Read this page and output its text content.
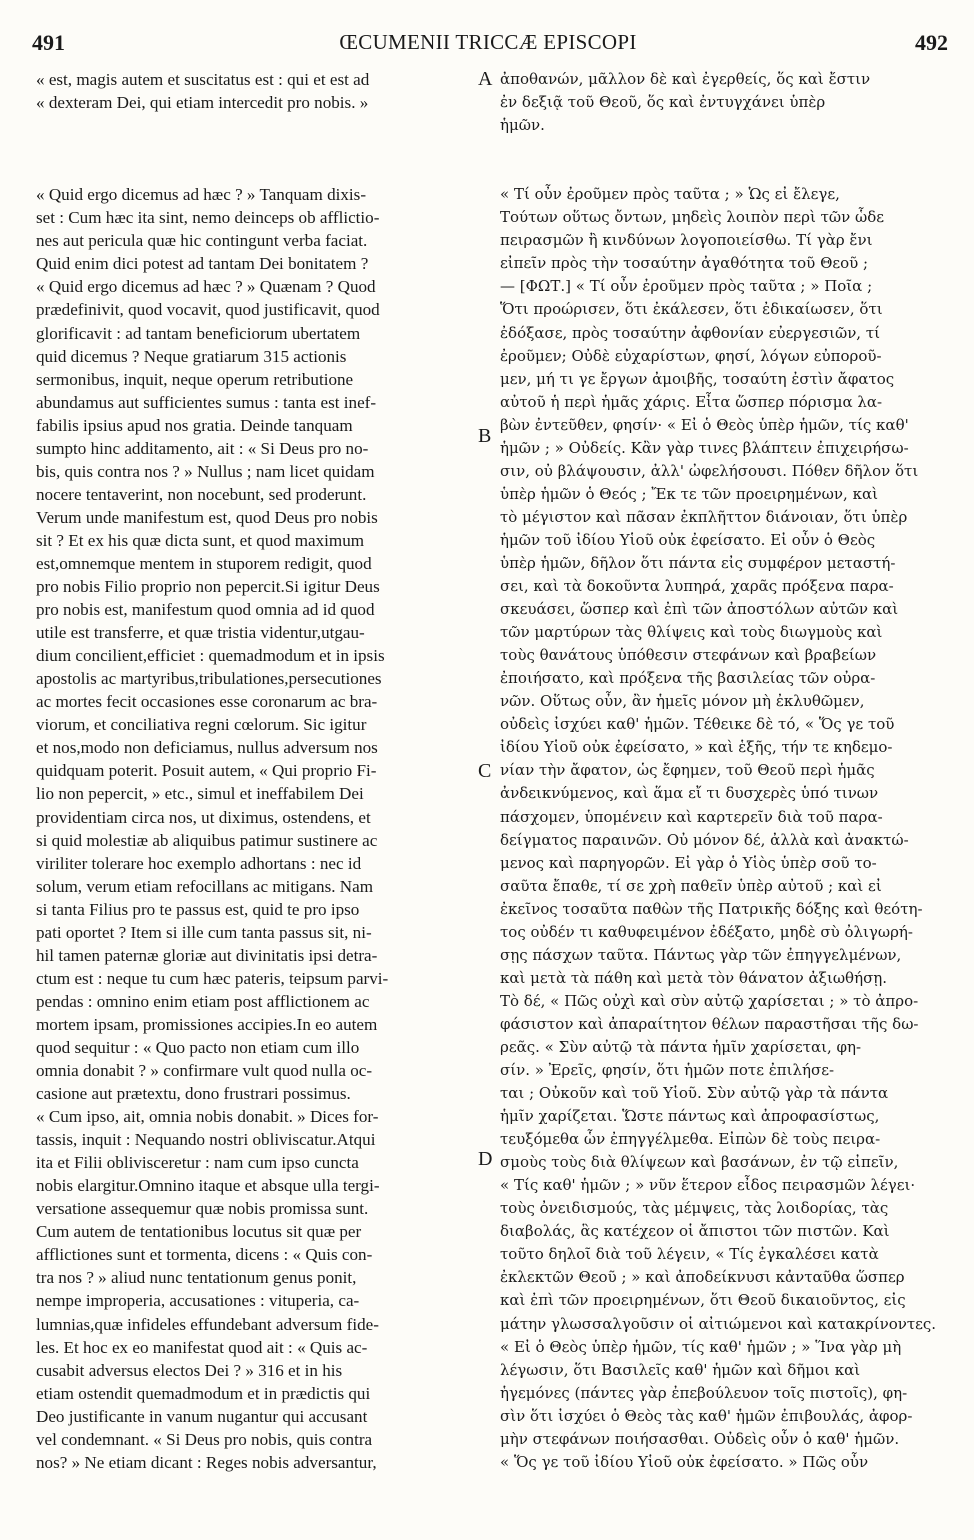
491	ŒCUMENII TRICCÆ EPISCOPI	492
A
B
C
D
« est, magis autem et suscitatus est : qui et est ad
« dexteram Dei, qui etiam intercedit pro nobis. »
« Quid ergo dicemus ad hæc ? » Tanquam dixis-
set : Cum hæc ita sint, nemo deinceps ob afflictio-
nes aut pericula quæ hic contingunt verba faciat.
Quid enim dici potest ad tantam Dei bonitatem ?
« Quid ergo dicemus ad hæc ? » Quænam ? Quod
prædefinivit, quod vocavit, quod justificavit, quod
glorificavit : ad tantam beneficiorum ubertatem
quid dicemus ? Neque gratiarum 315 actionis
sermonibus, inquit, neque operum retributione
abundamus aut sufficientes sumus : tanta est inef-
fabilis ipsius apud nos gratia. Deinde tanquam
sumpto hinc additamento, ait : « Si Deus pro no-
bis, quis contra nos ? » Nullus ; nam licet quidam
nocere tentaverint, non nocebunt, sed proderunt.
Verum unde manifestum est, quod Deus pro nobis
sit ? Et ex his quæ dicta sunt, et quod maximum
est,omnemque mentem in stuporem redigit, quod
pro nobis Filio proprio non pepercit.Si igitur Deus
pro nobis est, manifestum quod omnia ad id quod
utile est transferre, et quæ tristia videntur,utgau-
dium concilient,efficiet : quemadmodum et in ipsis
apostolis ac martyribus,tribulationes,persecutiones
ac mortes fecit occasiones esse coronarum ac bra-
viorum, et conciliativa regni cœlorum. Sic igitur
et nos,modo non deficiamus, nullus adversum nos
quidquam poterit. Posuit autem, « Qui proprio Fi-
lio non pepercit, » etc., simul et ineffabilem Dei
providentiam circa nos, ut diximus, ostendens, et
si quid molestiæ ab aliquibus patimur sustinere ac
viriliter tolerare hoc exemplo adhortans : nec id
solum, verum etiam refocillans ac mitigans. Nam
si tanta Filius pro te passus est, quid te pro ipso
pati oportet ? Item si ille cum tanta passus sit, ni-
hil tamen paternæ gloriæ aut divinitatis ipsi detra-
ctum est : neque tu cum hæc pateris, teipsum parvi-
pendas : omnino enim etiam post afflictionem ac
mortem ipsam, promissiones accipies.In eo autem
quod sequitur : « Quo pacto non etiam cum illo
omnia donabit ? » confirmare vult quod nulla oc-
casione aut prætextu, dono frustrari possimus.
« Cum ipso, ait, omnia nobis donabit. » Dices for-
tassis, inquit : Nequando nostri obliviscatur.Atqui
ita et Filii oblivisceretur : nam cum ipso cuncta
nobis elargitur.Omnino itaque et absque ulla tergi-
versatione assequemur quæ nobis promissa sunt.
Cum autem de tentationibus locutus sit quæ per
afflictiones sunt et tormenta, dicens : « Quis con-
tra nos ? » aliud nunc tentationum genus ponit,
nempe improperia, accusationes : vituperia, ca-
lumnias,quæ infideles effundebant adversum fide-
les. Et hoc ex eo manifestat quod ait : « Quis ac-
cusabit adversus electos Dei ? » 316 et in his
etiam ostendit quemadmodum et in prædictis qui
Deo justificante in vanum nugantur qui accusant
vel condemnant. « Si Deus pro nobis, quis contra
nos? » Ne etiam dicant : Reges nobis adversantur,
ἀποθανών, μᾶλλον δὲ καὶ ἐγερθείς, ὅς καὶ ἔστιν
ἐν δεξιᾷ τοῦ Θεοῦ, ὅς καὶ ἐντυγχάνει ὑπὲρ
ἡμῶν.
« Τί οὖν ἐροῦμεν πρὸς ταῦτα ; » Ὡς εἰ ἔλεγε,
Τούτων οὕτως ὄντων, μηδεὶς λοιπὸν περὶ τῶν ὧδε
πειρασμῶν ἢ κινδύνων λογοποιείσθω. Τί γὰρ ἔνι
εἰπεῖν πρὸς τὴν τοσαύτην ἀγαθότητα τοῦ Θεοῦ ;
— [ΦΩΤ.] « Τί οὖν ἐροῦμεν πρὸς ταῦτα ; » Ποῖα ;
Ὅτι προώρισεν, ὅτι ἐκάλεσεν, ὅτι ἐδικαίωσεν, ὅτι
ἐδόξασε, πρὸς τοσαύτην ἀφθονίαν εὐεργεσιῶν, τί
ἐροῦμεν; Οὐδὲ εὐχαρίστων, φησί, λόγων εὐποροῦ-
μεν, μή τι γε ἔργων ἀμοιβῆς, τοσαύτη ἐστὶν ἄφατος
αὐτοῦ ἡ περὶ ἡμᾶς χάρις. Εἶτα ὥσπερ πόρισμα λα-
βὼν ἐντεῦθεν, φησίν· « Εἰ ὁ Θεὸς ὑπὲρ ἡμῶν, τίς καθ'
ἡμῶν ; » Οὐδείς. Κἂν γὰρ τινες βλάπτειν ἐπιχειρήσω-
σιν, οὐ βλάψουσιν, ἀλλ' ὠφελήσουσι. Πόθεν δῆλον ὅτι
ὑπὲρ ἡμῶν ὁ Θεός ; Ἔκ τε τῶν προειρημένων, καὶ
τὸ μέγιστον καὶ πᾶσαν ἐκπλῆττον διάνοιαν, ὅτι ὑπὲρ
ἡμῶν τοῦ ἰδίου Υἱοῦ οὐκ ἐφείσατο. Εἰ οὖν ὁ Θεὸς
ὑπὲρ ἡμῶν, δῆλον ὅτι πάντα εἰς συμφέρον μεταστή-
σει, καὶ τὰ δοκοῦντα λυπηρά, χαρᾶς πρόξενα παρα-
σκευάσει, ὥσπερ καὶ ἐπὶ τῶν ἀποστόλων αὐτῶν καὶ
τῶν μαρτύρων τὰς θλίψεις καὶ τοὺς διωγμοὺς καὶ
τοὺς θανάτους ὑπόθεσιν στεφάνων καὶ βραβείων
ἐποιήσατο, καὶ πρόξενα τῆς βασιλείας τῶν οὐρα-
νῶν. Οὕτως οὖν, ἂν ἡμεῖς μόνον μὴ ἐκλυθῶμεν,
οὐδεὶς ἰσχύει καθ' ἡμῶν. Τέθεικε δὲ τό, « Ὅς γε τοῦ
ἰδίου Υἱοῦ οὐκ ἐφείσατο, » καὶ ἑξῆς, τήν τε κηδεμο-
νίαν τὴν ἄφατον, ὡς ἔφημεν, τοῦ Θεοῦ περὶ ἡμᾶς
ἀνδεικνύμενος, καὶ ἅμα εἴ τι δυσχερὲς ὑπό τινων
πάσχομεν, ὑπομένειν καὶ καρτερεῖν διὰ τοῦ παρα-
δείγματος παραινῶν. Οὐ μόνον δέ, ἀλλὰ καὶ ἀνακτώ-
μενος καὶ παρηγορῶν. Εἰ γὰρ ὁ Υἱὸς ὑπὲρ σοῦ το-
σαῦτα ἔπαθε, τί σε χρὴ παθεῖν ὑπὲρ αὐτοῦ ; καὶ εἰ
ἐκεῖνος τοσαῦτα παθὼν τῆς Πατρικῆς δόξης καὶ θεότη-
τος οὐδέν τι καθυφειμένον ἐδέξατο, μηδὲ σὺ ὀλιγωρή-
σῃς πάσχων ταῦτα. Πάντως γὰρ τῶν ἐπηγγελμένων,
καὶ μετὰ τὰ πάθη καὶ μετὰ τὸν θάνατον ἀξιωθήσῃ.
Τὸ δέ, « Πῶς οὐχὶ καὶ σὺν αὐτῷ χαρίσεται ; » τὸ ἀπρο-
φάσιστον καὶ ἀπαραίτητον θέλων παραστῆσαι τῆς δω-
ρεᾶς. « Σὺν αὐτῷ τὰ πάντα ἡμῖν χαρίσεται, φη-
σίν. » Ἐρεῖς, φησίν, ὅτι ἡμῶν ποτε ἐπιλήσε-
ται ; Οὐκοῦν καὶ τοῦ Υἱοῦ. Σὺν αὐτῷ γὰρ τὰ πάντα
ἡμῖν χαρίζεται. Ὥστε πάντως καὶ ἀπροφασίστως,
τευξόμεθα ὧν ἐπηγγέλμεθα. Εἰπὼν δὲ τοὺς πειρα-
σμοὺς τοὺς διὰ θλίψεων καὶ βασάνων, ἐν τῷ εἰπεῖν,
« Τίς καθ' ἡμῶν ; » νῦν ἕτερον εἶδος πειρασμῶν λέγει·
τοὺς ὀνειδισμούς, τὰς μέμψεις, τὰς λοιδορίας, τὰς
διαβολάς, ἃς κατέχεον οἱ ἄπιστοι τῶν πιστῶν. Καὶ
τοῦτο δηλοῖ διὰ τοῦ λέγειν, « Τίς ἐγκαλέσει κατὰ
ἐκλεκτῶν Θεοῦ ; » καὶ ἀποδείκνυσι κἀνταῦθα ὥσπερ
καὶ ἐπὶ τῶν προειρημένων, ὅτι Θεοῦ δικαιοῦντος, εἰς
μάτην γλωσσαλγοῦσιν οἱ αἰτιώμενοι καὶ κατακρίνοντες.
« Εἰ ὁ Θεὸς ὑπὲρ ἡμῶν, τίς καθ' ἡμῶν ; » Ἵνα γὰρ μὴ
λέγωσιν, ὅτι Βασιλεῖς καθ' ἡμῶν καὶ δῆμοι καὶ
ἡγεμόνες (πάντες γὰρ ἐπεβούλευον τοῖς πιστοῖς), φη-
σὶν ὅτι ἰσχύει ὁ Θεὸς τὰς καθ' ἡμῶν ἐπιβουλάς, ἀφορ-
μὴν στεφάνων ποιήσασθαι. Οὐδεὶς οὖν ὁ καθ' ἡμῶν.
« Ὅς γε τοῦ ἰδίου Υἱοῦ οὐκ ἐφείσατο. » Πῶς οὖν
